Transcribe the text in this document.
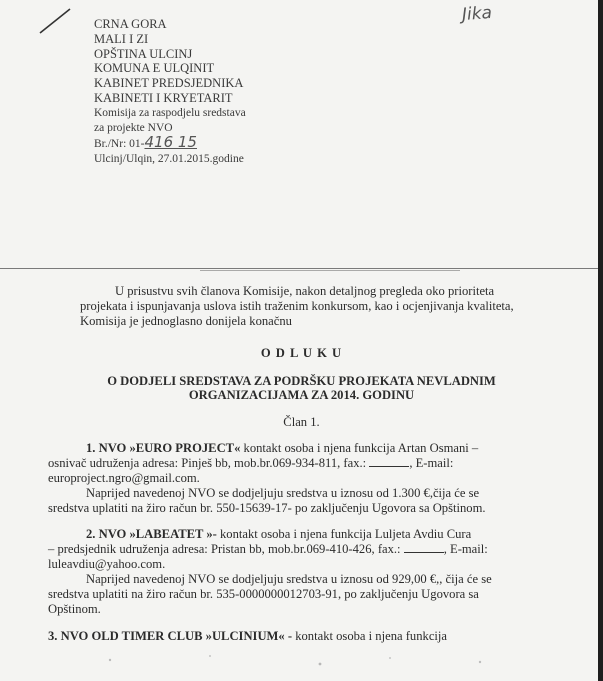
Jika
CRNA GORA
MALI I ZI
OPŠTINA ULCINJ
KOMUNA E ULQINIT
KABINET PREDSJEDNIKA
KABINETI I KRYETARIT
Komisija za raspodjelu sredstava
za projekte NVO
Br./Nr: 01-416 15
Ulcinj/Ulqin, 27.01.2015.godine
U prisustvu svih članova Komisije, nakon detaljnog pregleda oko prioriteta
projekata i ispunjavanja uslova istih traženim konkursom, kao i ocjenjivanja kvaliteta,
Komisija je jednoglasno donijela konačnu
O D L U K U
O DODJELI SREDSTAVA ZA PODRŠKU PROJEKATA NEVLADNIM
ORGANIZACIJAMA ZA 2014. GODINU
Član 1.
1. NVO »EURO PROJECT« kontakt osoba i njena funkcija Artan Osmani –
osnivač udruženja adresa: Pinješ bb, mob.br.069-934-811, fax.:	, E-mail:
europroject.ngro@gmail.com.
Naprijed navedenoj NVO se dodjeljuju sredstva u iznosu od 1.300 €,čija će se
sredstva uplatiti na žiro račun br. 550-15639-17- po zaključenju Ugovora sa Opštinom.
2. NVO »LABEATET »- kontakt osoba i njena funkcija Luljeta Avdiu Cura
– predsjednik udruženja adresa: Pristan bb, mob.br.069-410-426, fax.:	, E-mail:
luleavdiu@yahoo.com.
Naprijed navedenoj NVO se dodjeljuju sredstva u iznosu od 929,00 €,, čija će se
sredstva uplatiti na žiro račun br. 535-0000000012703-91, po zaključenju Ugovora sa
Opštinom.
3. NVO OLD TIMER CLUB »ULCINIUM« - kontakt osoba i njena funkcija
